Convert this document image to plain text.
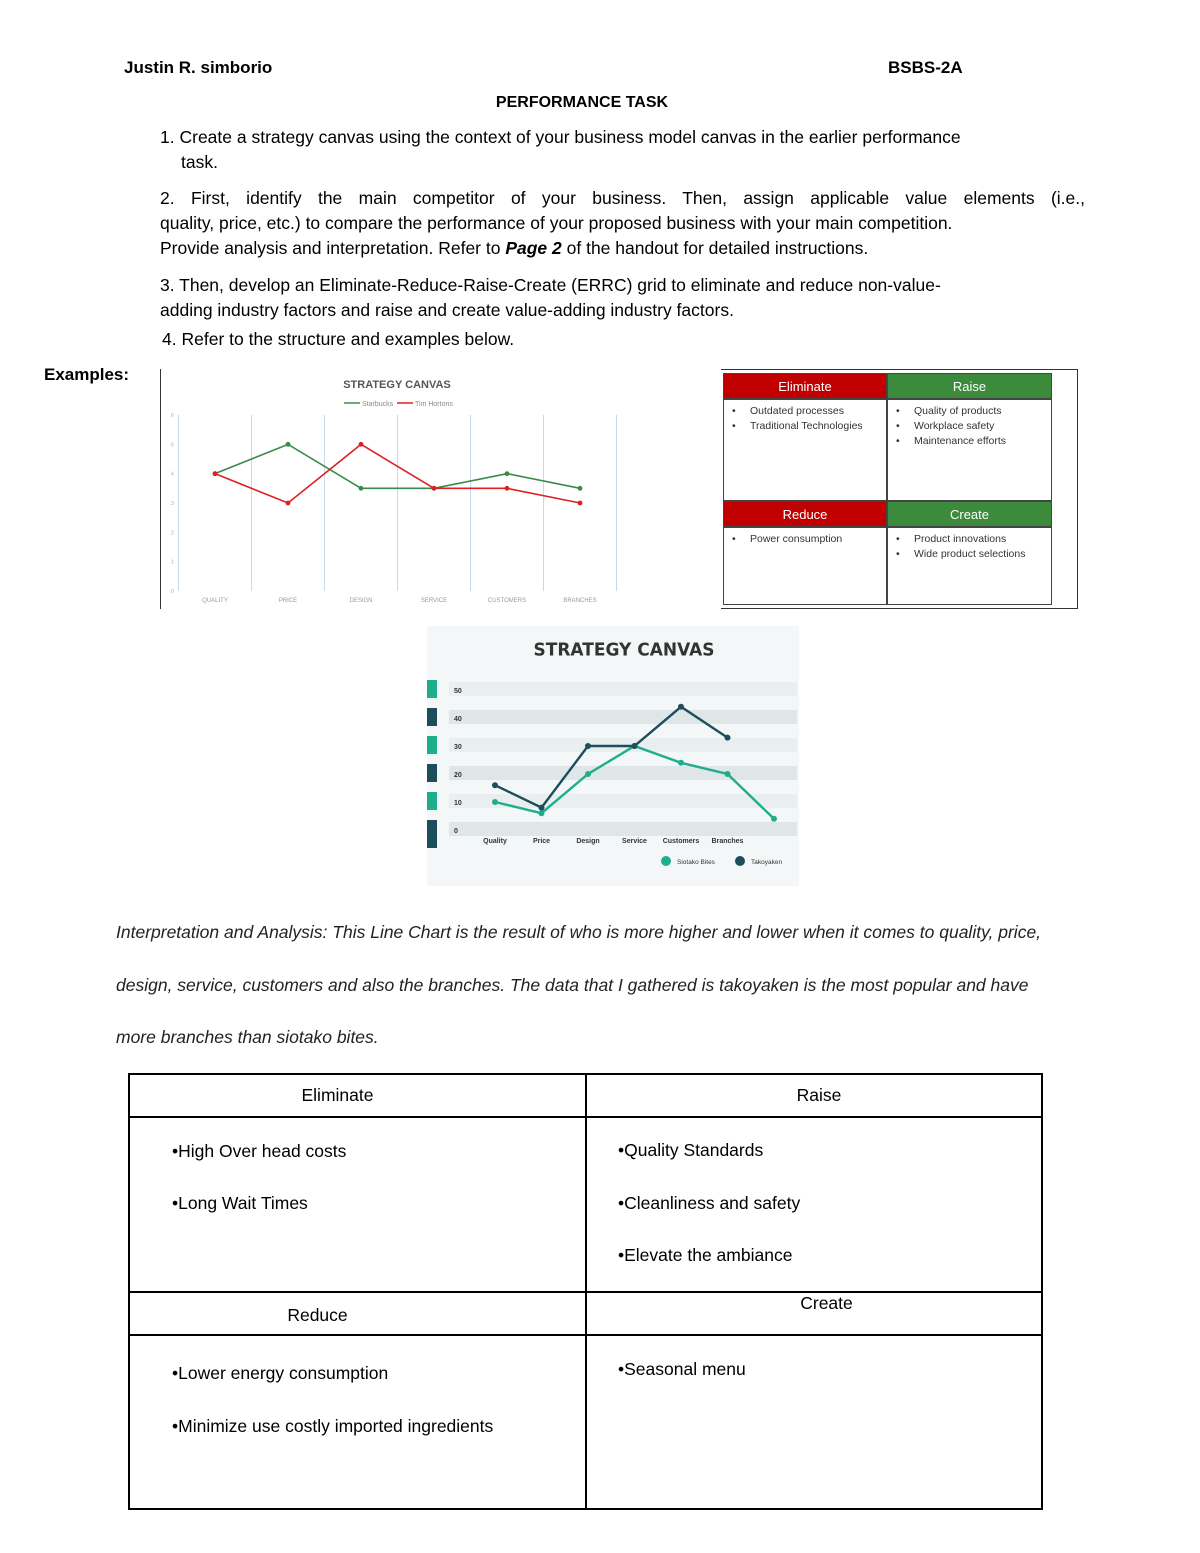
Justin R. simborio	BSBS-2A
PERFORMANCE TASK
1. Create a strategy canvas using the context of your business model canvas in the earlier performance
task.
2. First, identify the main competitor of your business. Then, assign applicable value elements (i.e.,
quality, price, etc.) to compare the performance of your proposed business with your main competition.
Provide analysis and interpretation. Refer to Page 2 of the handout for detailed instructions.
3. Then, develop an Eliminate-Reduce-Raise-Create (ERRC) grid to eliminate and reduce non-value-
adding industry factors and raise and create value-adding industry factors.
4. Refer to the structure and examples below.
Examples:
STRATEGY CANVAS
Starbucks	Tim Hortons
0
1
2
3
4
5
6
QUALITY	PRICE	DESIGN	SERVICE	CUSTOMERS	BRANCHES
Eliminate	Raise
• Outdated processes
• Traditional Technologies
• Quality of products
• Workplace safety
• Maintenance efforts
Reduce	Create
• Power consumption
•	Product innovations
• Wide product selections
STRATEGY CANVAS
0
10
20
30
40
50
Quality	Price	Design	Service Customers Branches
Siotako Bites	Takoyaken
Interpretation and Analysis: This Line Chart is the result of who is more higher and lower when it comes to quality, price, design, service, customers and also the branches. The data that I gathered is takoyaken is the most popular and have more branches than siotako bites.
Eliminate	Raise
Reduce
Create
•High Over head costs
•Long Wait Times
•Quality Standards
•Cleanliness and safety
•Elevate the ambiance
•Lower energy consumption
•Minimize use costly imported ingredients
•Seasonal menu
